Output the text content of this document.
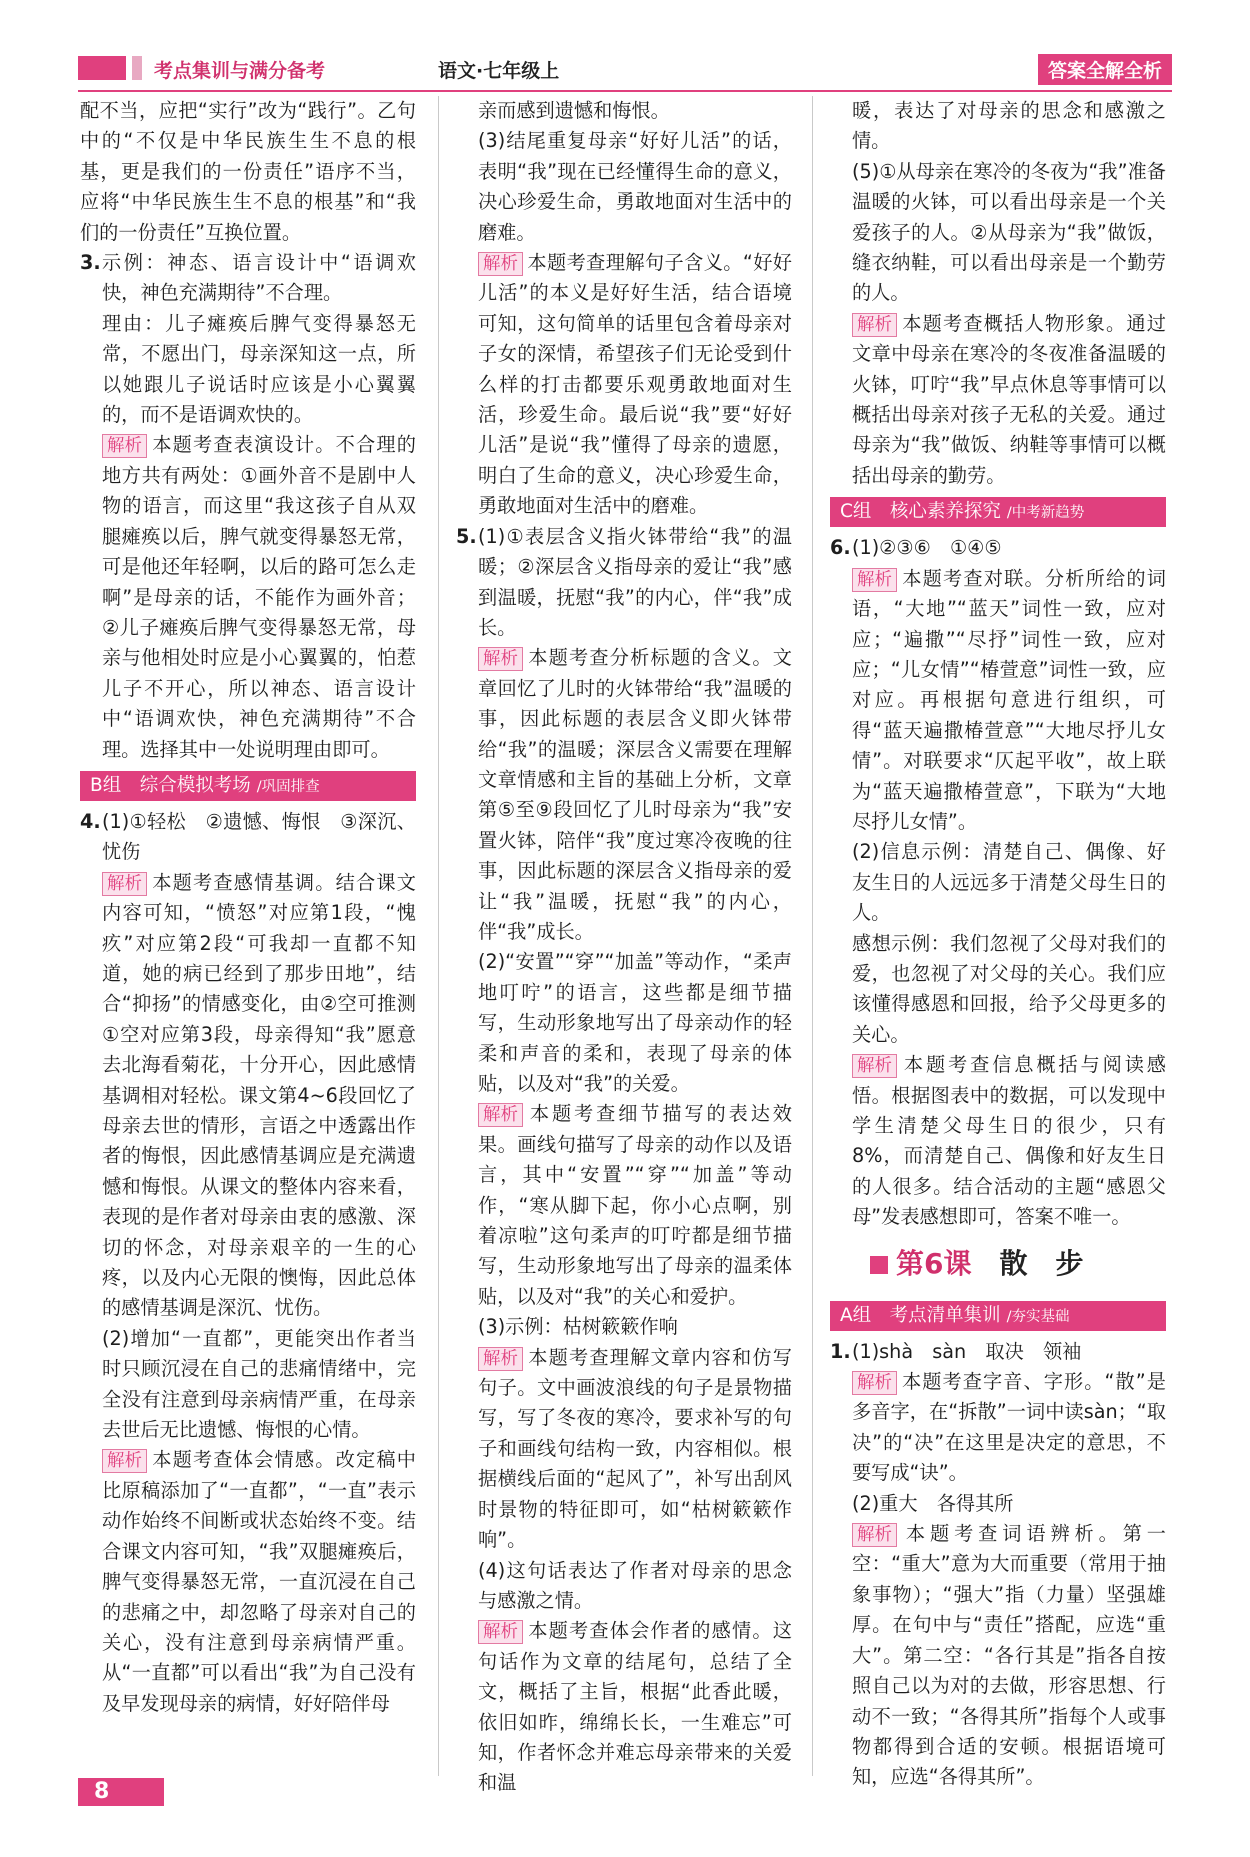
考点集训与满分备考	语文·七年级上	答案全解全析

配不当，应把“实行”改为“践行”。乙句中的“不仅是中华民族生生不息的根基，更是我们的一份责任”语序不当，应将“中华民族生生不息的根基”和“我们的一份责任”互换位置。

3. 示例：神态、语言设计中“语调欢快，神色充满期待”不合理。

理由：儿子瘫痪后脾气变得暴怒无常，不愿出门，母亲深知这一点，所以她跟儿子说话时应该是小心翼翼的，而不是语调欢快的。

解析 本题考查表演设计。不合理的地方共有两处：①画外音不是剧中人物的语言，而这里“我这孩子自从双腿瘫痪以后，脾气就变得暴怒无常，可是他还年轻啊，以后的路可怎么走啊”是母亲的话，不能作为画外音；②儿子瘫痪后脾气变得暴怒无常，母亲与他相处时应是小心翼翼的，怕惹儿子不开心，所以神态、语言设计中“语调欢快，神色充满期待”不合理。选择其中一处说明理由即可。

B组　综合模拟考场 /巩固排查
4. (1)①轻松　②遗憾、悔恨　③深沉、忧伤

解析 本题考查感情基调。结合课文内容可知，“愤怒”对应第1段，“愧疚”对应第2段“可我却一直都不知道，她的病已经到了那步田地”，结合“抑扬”的情感变化，由②空可推测①空对应第3段，母亲得知“我”愿意去北海看菊花，十分开心，因此感情基调相对轻松。课文第4~6段回忆了母亲去世的情形，言语之中透露出作者的悔恨，因此感情基调应是充满遗憾和悔恨。从课文的整体内容来看，表现的是作者对母亲由衷的感激、深切的怀念，对母亲艰辛的一生的心疼，以及内心无限的懊悔，因此总体的感情基调是深沉、忧伤。

(2)增加“一直都”，更能突出作者当时只顾沉浸在自己的悲痛情绪中，完全没有注意到母亲病情严重，在母亲去世后无比遗憾、悔恨的心情。

解析 本题考查体会情感。改定稿中比原稿添加了“一直都”，“一直”表示动作始终不间断或状态始终不变。结合课文内容可知，“我”双腿瘫痪后，脾气变得暴怒无常，一直沉浸在自己的悲痛之中，却忽略了母亲对自己的关心，没有注意到母亲病情严重。从“一直都”可以看出“我”为自己没有及早发现母亲的病情，好好陪伴母

亲而感到遗憾和悔恨。

(3)结尾重复母亲“好好儿活”的话，表明“我”现在已经懂得生命的意义，决心珍爱生命，勇敢地面对生活中的磨难。

解析 本题考查理解句子含义。“好好儿活”的本义是好好生活，结合语境可知，这句简单的话里包含着母亲对子女的深情，希望孩子们无论受到什么样的打击都要乐观勇敢地面对生活，珍爱生命。最后说“我”要“好好儿活”是说“我”懂得了母亲的遗愿，明白了生命的意义，决心珍爱生命，勇敢地面对生活中的磨难。

5. (1)①表层含义指火钵带给“我”的温暖；②深层含义指母亲的爱让“我”感到温暖，抚慰“我”的内心，伴“我”成长。

解析 本题考查分析标题的含义。文章回忆了儿时的火钵带给“我”温暖的事，因此标题的表层含义即火钵带给“我”的温暖；深层含义需要在理解文章情感和主旨的基础上分析，文章第⑤至⑨段回忆了儿时母亲为“我”安置火钵，陪伴“我”度过寒冷夜晚的往事，因此标题的深层含义指母亲的爱让“我”温暖，抚慰“我”的内心，伴“我”成长。

(2)“安置”“穿”“加盖”等动作，“柔声地叮咛”的语言，这些都是细节描写，生动形象地写出了母亲动作的轻柔和声音的柔和，表现了母亲的体贴，以及对“我”的关爱。

解析 本题考查细节描写的表达效果。画线句描写了母亲的动作以及语言，其中“安置”“穿”“加盖”等动作，“寒从脚下起，你小心点啊，别着凉啦”这句柔声的叮咛都是细节描写，生动形象地写出了母亲的温柔体贴，以及对“我”的关心和爱护。

(3)示例：枯树簌簌作响

解析 本题考查理解文章内容和仿写句子。文中画波浪线的句子是景物描写，写了冬夜的寒冷，要求补写的句子和画线句结构一致，内容相似。根据横线后面的“起风了”，补写出刮风时景物的特征即可，如“枯树簌簌作响”。

(4)这句话表达了作者对母亲的思念与感激之情。

解析 本题考查体会作者的感情。这句话作为文章的结尾句，总结了全文，概括了主旨，根据“此香此暖，依旧如昨，绵绵长长，一生难忘”可知，作者怀念并难忘母亲带来的关爱和温

暖，表达了对母亲的思念和感激之情。

(5)①从母亲在寒冷的冬夜为“我”准备温暖的火钵，可以看出母亲是一个关爱孩子的人。②从母亲为“我”做饭，缝衣纳鞋，可以看出母亲是一个勤劳的人。

解析 本题考查概括人物形象。通过文章中母亲在寒冷的冬夜准备温暖的火钵，叮咛“我”早点休息等事情可以概括出母亲对孩子无私的关爱。通过母亲为“我”做饭、纳鞋等事情可以概括出母亲的勤劳。

C组　核心素养探究 /中考新趋势
6. (1)②③⑥　①④⑤

解析 本题考查对联。分析所给的词语，“大地”“蓝天”词性一致，应对应；“遍撒”“尽抒”词性一致，应对应；“儿女情”“椿萱意”词性一致，应对应。再根据句意进行组织，可得“蓝天遍撒椿萱意”“大地尽抒儿女情”。对联要求“仄起平收”，故上联为“蓝天遍撒椿萱意”，下联为“大地尽抒儿女情”。

(2)信息示例：清楚自己、偶像、好友生日的人远远多于清楚父母生日的人。

感想示例：我们忽视了父母对我们的爱，也忽视了对父母的关心。我们应该懂得感恩和回报，给予父母更多的关心。

解析 本题考查信息概括与阅读感悟。根据图表中的数据，可以发现中学生清楚父母生日的很少，只有8%，而清楚自己、偶像和好友生日的人很多。结合活动的主题“感恩父母”发表感想即可，答案不唯一。

第6课 散　步
A组　考点清单集训 /夯实基础
1. (1)shà　sàn　取决　领袖

解析 本题考查字音、字形。“散”是多音字，在“拆散”一词中读sàn；“取决”的“决”在这里是决定的意思，不要写成“诀”。

(2)重大　各得其所

解析 本题考查词语辨析。第一空：“重大”意为大而重要（常用于抽象事物）；“强大”指（力量）坚强雄厚。在句中与“责任”搭配，应选“重大”。第二空：“各行其是”指各自按照自己以为对的去做，形容思想、行动不一致；“各得其所”指每个人或事物都得到合适的安顿。根据语境可知，应选“各得其所”。

8
